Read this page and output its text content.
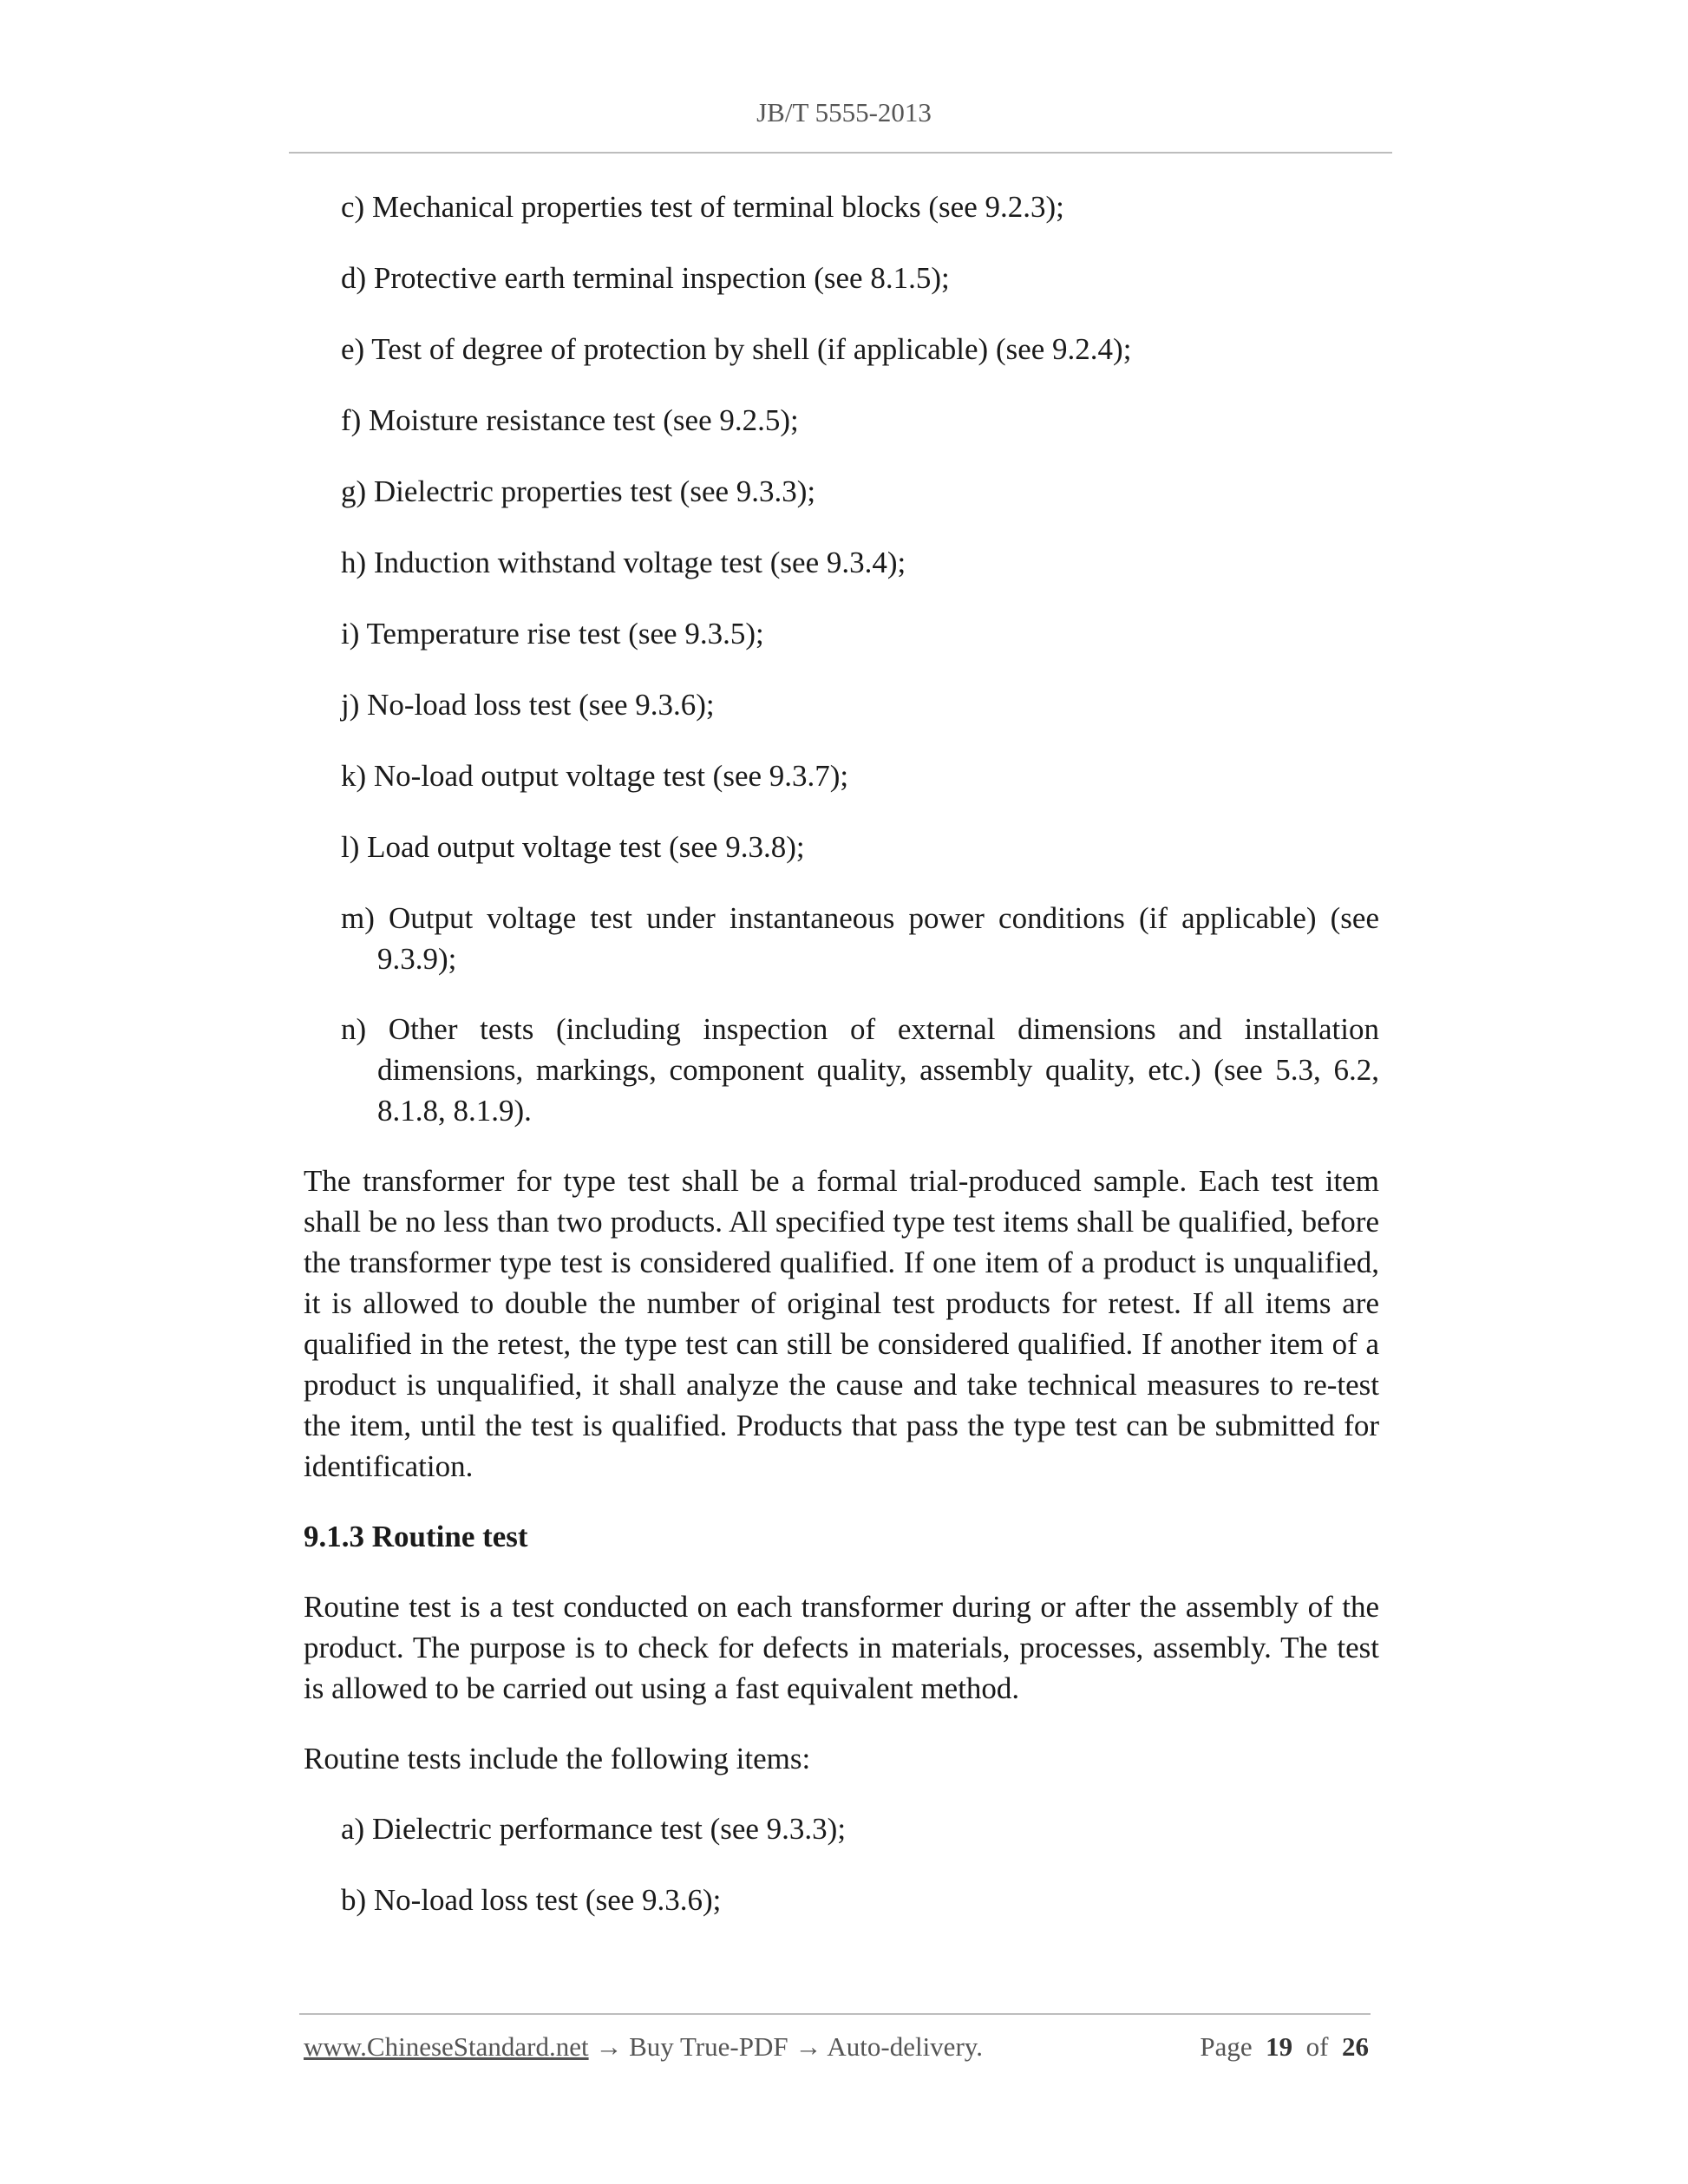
JB/T 5555-2013
c) Mechanical properties test of terminal blocks (see 9.2.3);
d) Protective earth terminal inspection (see 8.1.5);
e) Test of degree of protection by shell (if applicable) (see 9.2.4);
f) Moisture resistance test (see 9.2.5);
g) Dielectric properties test (see 9.3.3);
h) Induction withstand voltage test (see 9.3.4);
i) Temperature rise test (see 9.3.5);
j) No-load loss test (see 9.3.6);
k) No-load output voltage test (see 9.3.7);
l) Load output voltage test (see 9.3.8);
m) Output voltage test under instantaneous power conditions (if applicable) (see 9.3.9);
n) Other tests (including inspection of external dimensions and installation dimensions, markings, component quality, assembly quality, etc.) (see 5.3, 6.2, 8.1.8, 8.1.9).
The transformer for type test shall be a formal trial-produced sample. Each test item shall be no less than two products. All specified type test items shall be qualified, before the transformer type test is considered qualified. If one item of a product is unqualified, it is allowed to double the number of original test products for retest. If all items are qualified in the retest, the type test can still be considered qualified. If another item of a product is unqualified, it shall analyze the cause and take technical measures to re-test the item, until the test is qualified. Products that pass the type test can be submitted for identification.
9.1.3 Routine test
Routine test is a test conducted on each transformer during or after the assembly of the product. The purpose is to check for defects in materials, processes, assembly. The test is allowed to be carried out using a fast equivalent method.
Routine tests include the following items:
a) Dielectric performance test (see 9.3.3);
b) No-load loss test (see 9.3.6);
www.ChineseStandard.net → Buy True-PDF → Auto-delivery.	Page 19 of 26
